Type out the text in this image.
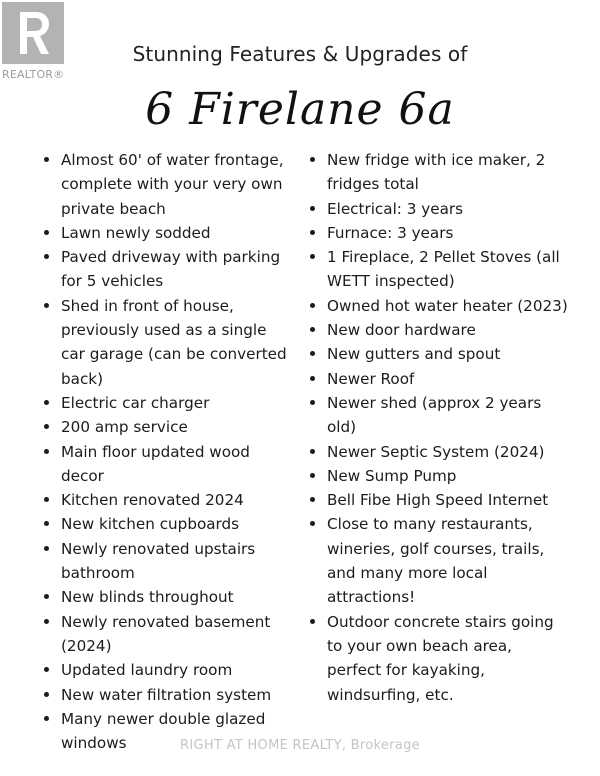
REALTOR®
Stunning Features & Upgrades of
6 Firelane 6a
Almost 60' of water frontage, complete with your very own private beach
Lawn newly sodded
Paved driveway with parking for 5 vehicles
Shed in front of house, previously used as a single car garage (can be converted back)
Electric car charger
200 amp service
Main floor updated wood decor
Kitchen renovated 2024
New kitchen cupboards
Newly renovated upstairs bathroom
New blinds throughout
Newly renovated basement (2024)
Updated laundry room
New water filtration system
Many newer double glazed windows
New fridge with ice maker, 2 fridges total
Electrical: 3 years
Furnace: 3 years
1 Fireplace, 2 Pellet Stoves (all WETT inspected)
Owned hot water heater (2023)
New door hardware
New gutters and spout
Newer Roof
Newer shed (approx 2 years old)
Newer Septic System (2024)
New Sump Pump
Bell Fibe High Speed Internet
Close to many restaurants, wineries, golf courses, trails, and many more local attractions!
Outdoor concrete stairs going to your own beach area, perfect for kayaking, windsurfing, etc.
RIGHT AT HOME REALTY, Brokerage
